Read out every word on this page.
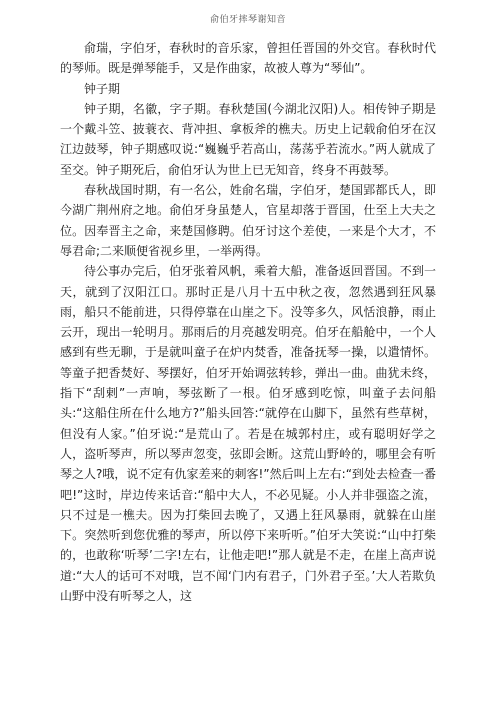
俞伯牙摔琴谢知音

俞瑞，字伯牙，春秋时的音乐家，曾担任晋国的外交官。春秋时代的琴师。既是弹琴能手，又是作曲家，故被人尊为“琴仙”。

钟子期

钟子期，名徽，字子期。春秋楚国(今湖北汉阳)人。相传钟子期是一个戴斗笠、披蓑衣、背冲担、拿板斧的樵夫。历史上记载俞伯牙在汉江边鼓琴，钟子期感叹说:“巍巍乎若高山，荡荡乎若流水。”两人就成了至交。钟子期死后，俞伯牙认为世上已无知音，终身不再鼓琴。

春秋战国时期，有一名公，姓俞名瑞，字伯牙，楚国郢都氏人，即今湖广荆州府之地。俞伯牙身虽楚人，官星却落于晋国，仕至上大夫之位。因奉晋主之命，来楚国修聘。伯牙讨这个差使，一来是个大才，不辱君命;二来顺便省视乡里，一举两得。

待公事办完后，伯牙张着风帆，乘着大船，准备返回晋国。不到一天，就到了汉阳江口。那时正是八月十五中秋之夜，忽然遇到狂风暴雨，船只不能前进，只得停靠在山崖之下。没等多久，风恬浪静，雨止云开，现出一轮明月。那雨后的月亮越发明亮。伯牙在船舱中，一个人感到有些无聊，于是就叫童子在炉内焚香，准备抚琴一操，以遣情怀。等童子把香焚好、琴摆好，伯牙开始调弦转轸，弹出一曲。曲犹未终，指下“刮剌”一声响，琴弦断了一根。伯牙感到吃惊，叫童子去问船头:“这船住所在什么地方?”船头回答:“就停在山脚下，虽然有些草树，但没有人家。”伯牙说:“是荒山了。若是在城郭村庄，或有聪明好学之人，盗听琴声，所以琴声忽变，弦即会断。这荒山野岭的，哪里会有听琴之人?哦，说不定有仇家差来的刺客!”然后叫上左右:“到处去检查一番吧!”这时，岸边传来话音:“船中大人，不必见疑。小人并非强盗之流，只不过是一樵夫。因为打柴回去晚了，又遇上狂风暴雨，就躲在山崖下。突然听到您优雅的琴声，所以停下来听听。”伯牙大笑说:“山中打柴的，也敢称‘听琴’二字!左右，让他走吧!”那人就是不走，在崖上高声说道:“大人的话可不对哦，岂不闻‘门内有君子，门外君子至。’大人若欺负山野中没有听琴之人，这
